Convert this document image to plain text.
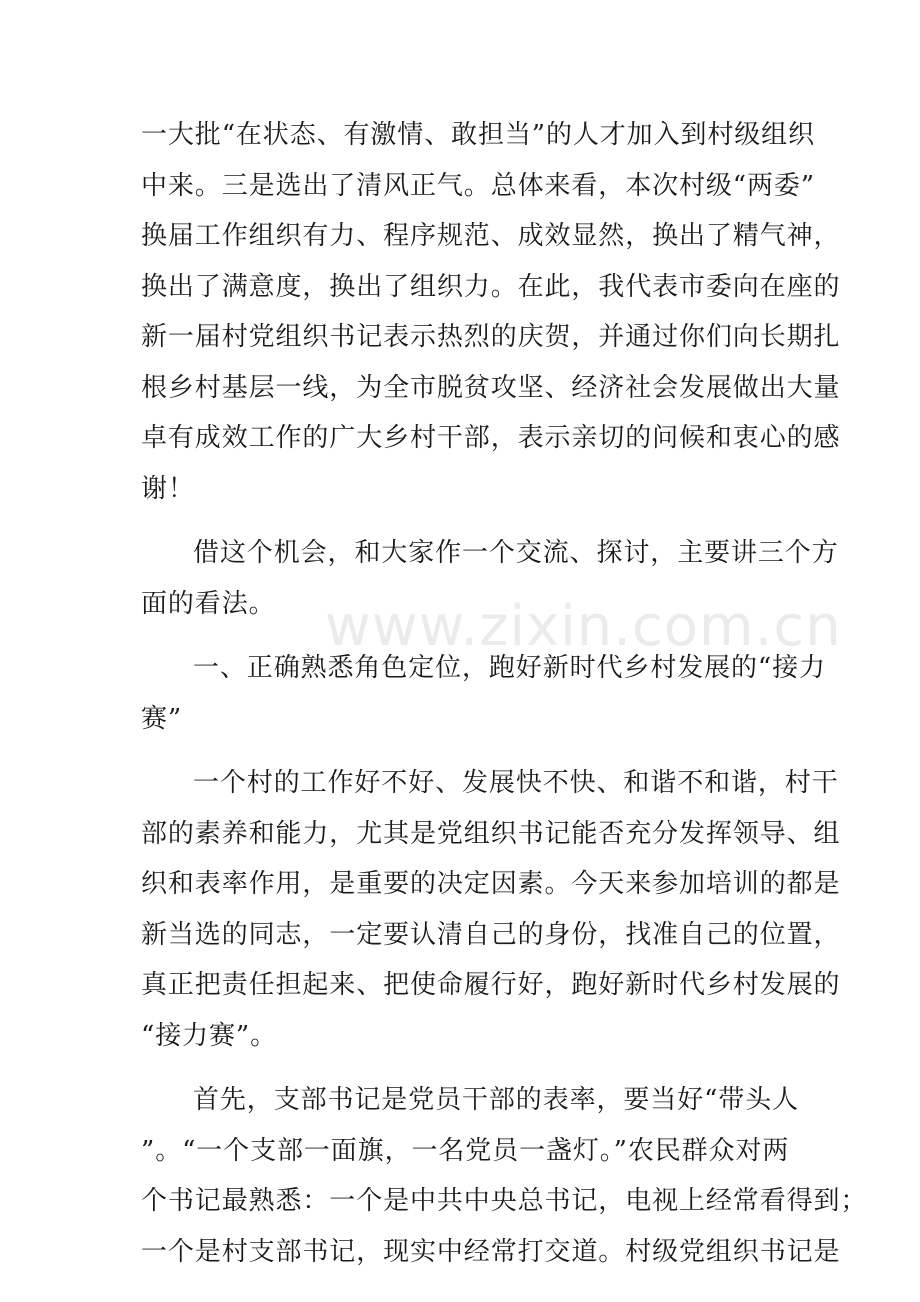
www.zixin.com.cn

一大批“在状态、有激情、敢担当”的人才加入到村级组织
中来。三是选出了清风正气。总体来看，本次村级“两委”
换届工作组织有力、程序规范、成效显然，换出了精气神，
换出了满意度，换出了组织力。在此，我代表市委向在座的
新一届村党组织书记表示热烈的庆贺，并通过你们向长期扎
根乡村基层一线，为全市脱贫攻坚、经济社会发展做出大量
卓有成效工作的广大乡村干部，表示亲切的问候和衷心的感
谢！

借这个机会，和大家作一个交流、探讨，主要讲三个方
面的看法。

一、正确熟悉角色定位，跑好新时代乡村发展的“接力
赛”

一个村的工作好不好、发展快不快、和谐不和谐，村干
部的素养和能力，尤其是党组织书记能否充分发挥领导、组
织和表率作用，是重要的决定因素。今天来参加培训的都是
新当选的同志，一定要认清自己的身份，找准自己的位置，
真正把责任担起来、把使命履行好，跑好新时代乡村发展的
“接力赛”。

首先，支部书记是党员干部的表率，要当好“带头人
”。“一个支部一面旗，一名党员一盏灯。”农民群众对两
个书记最熟悉：一个是中共中央总书记，电视上经常看得到；
一个是村支部书记，现实中经常打交道。村级党组织书记是
